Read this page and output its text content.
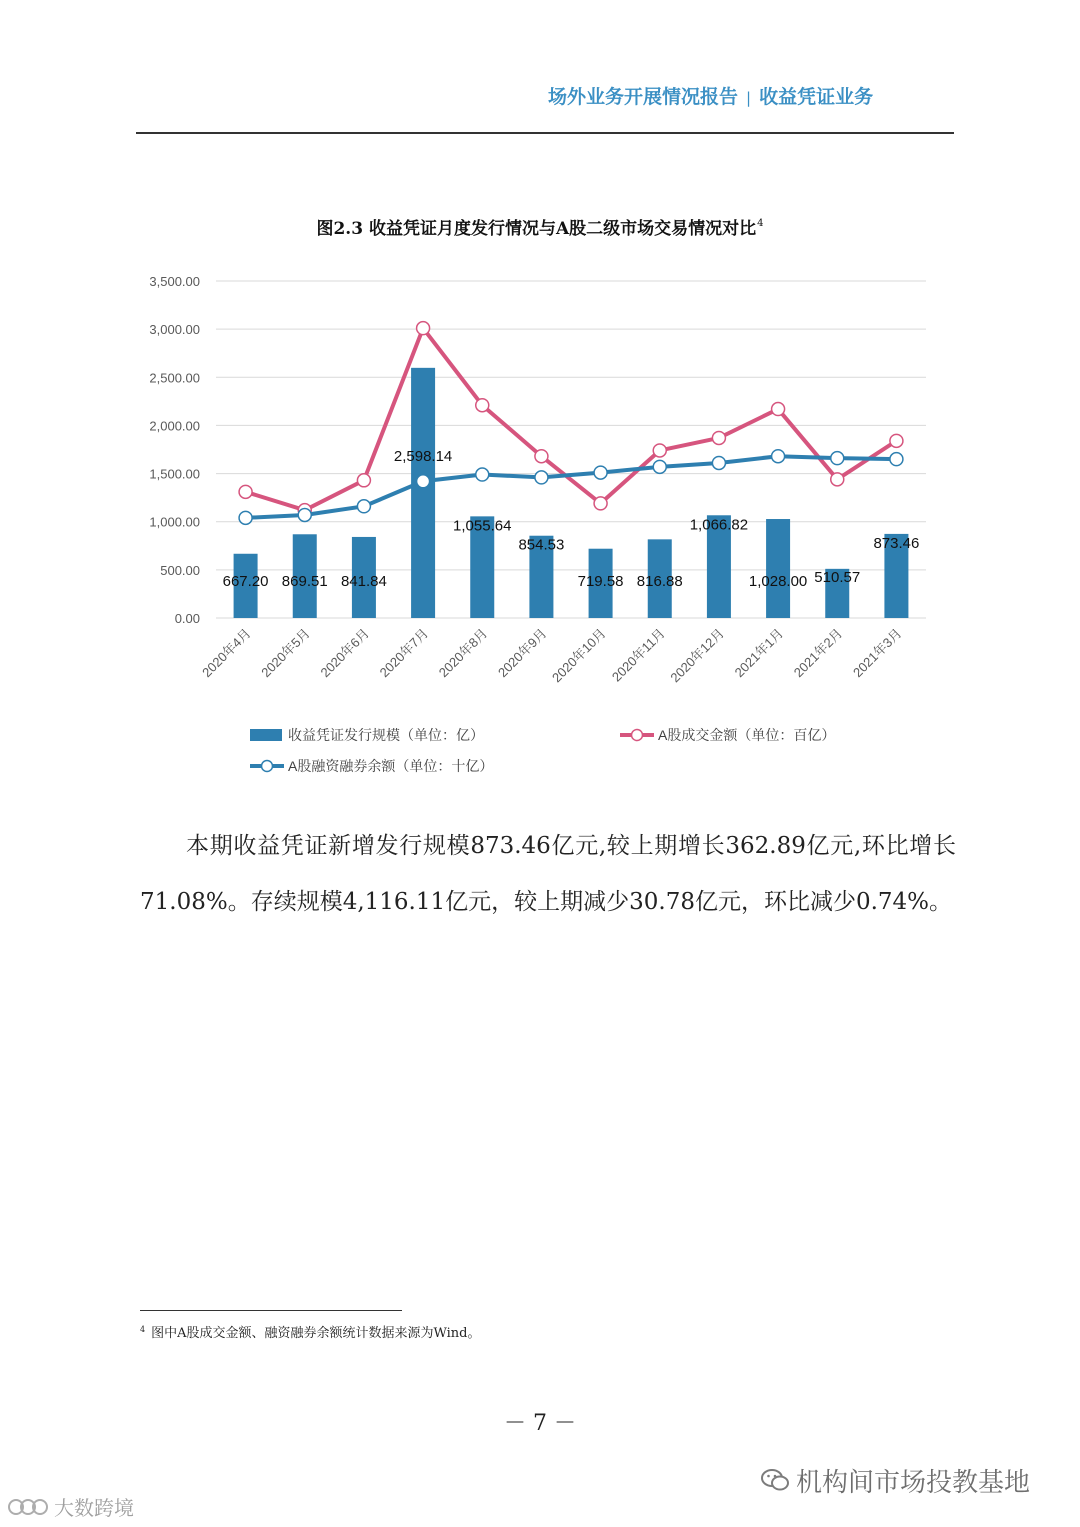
场外业务开展情况报告 | 收益凭证业务
图2.3 收益凭证月度发行情况与A股二级市场交易情况对比$^4$
0.00
500.00
1,000.00
1,500.00
2,000.00
2,500.00
3,000.00
3,500.00
667.20 869.51 841.84
2,598.14
1,055.64
854.53
719.58 816.88
1,066.82
1,028.00 510.57
873.46
2020年4月 2020年5月 2020年6月 2020年7月 2020年8月 2020年9月 2020年10月 2020年11月 2020年12月 2021年1月 2021年2月 2021年3月
收益凭证发行规模（单位：亿）	A股成交金额（单位：百亿）
A股融资融券余额（单位：十亿）
本期收益凭证新增发行规模873.46亿元,较上期增长362.89亿元,环比增长71.08%。存续规模4,116.11亿元，较上期减少30.78亿元，环比减少0.74%。
$^4$ 图中A股成交金额、融资融券余额统计数据来源为Wind。
－ 7 －
机构间市场投教基地
大数跨境
